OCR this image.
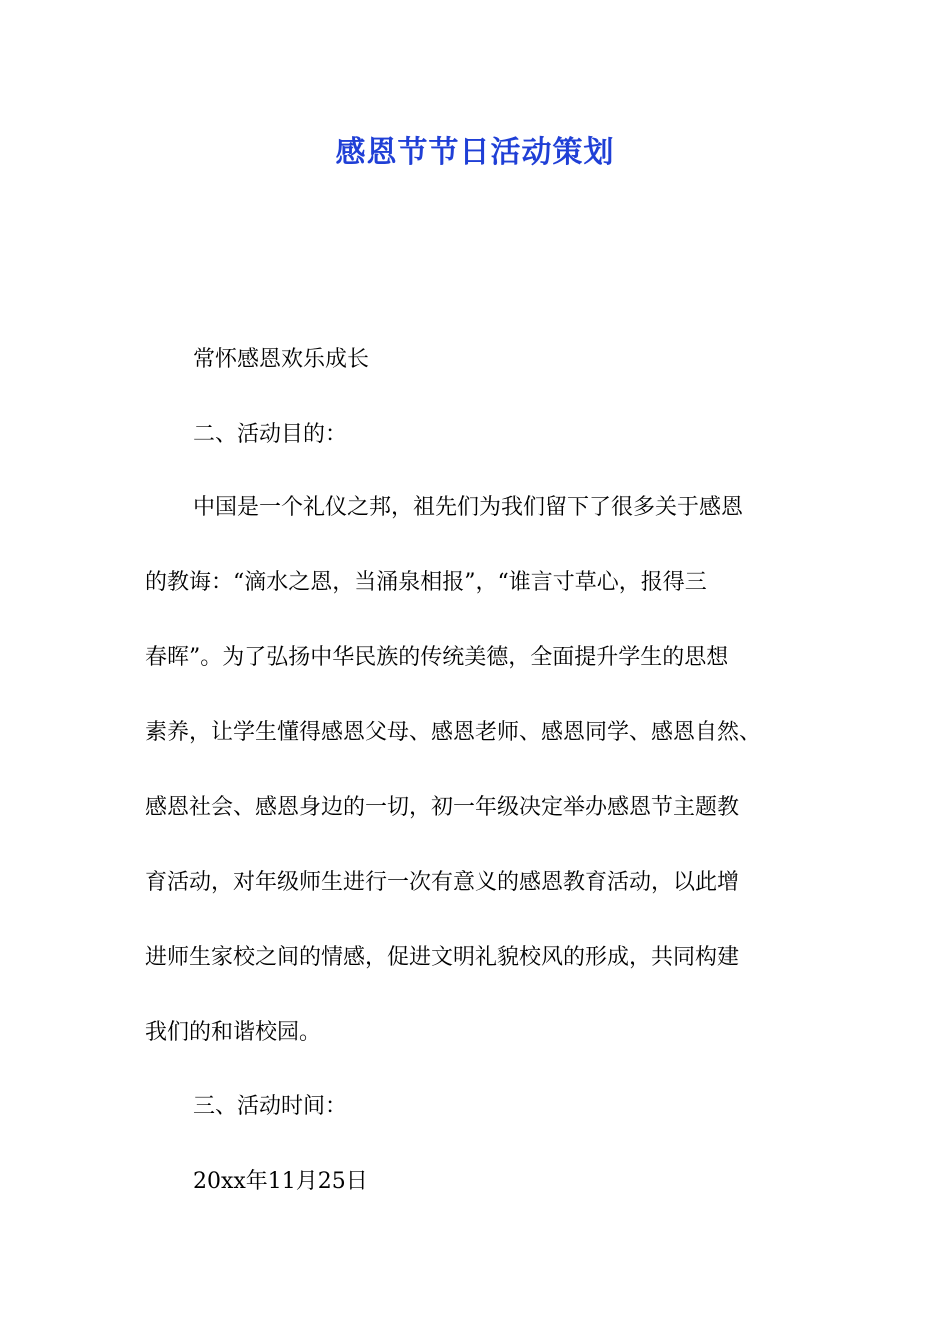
感恩节节日活动策划
常怀感恩欢乐成长
二、活动目的：
中国是一个礼仪之邦，祖先们为我们留下了很多关于感恩
的教诲：“滴水之恩，当涌泉相报”，“谁言寸草心，报得三
春晖”。为了弘扬中华民族的传统美德，全面提升学生的思想
素养，让学生懂得感恩父母、感恩老师、感恩同学、感恩自然、
感恩社会、感恩身边的一切，初一年级决定举办感恩节主题教
育活动，对年级师生进行一次有意义的感恩教育活动，以此增
进师生家校之间的情感，促进文明礼貌校风的形成，共同构建
我们的和谐校园。
三、活动时间：
20xx年11月25日
